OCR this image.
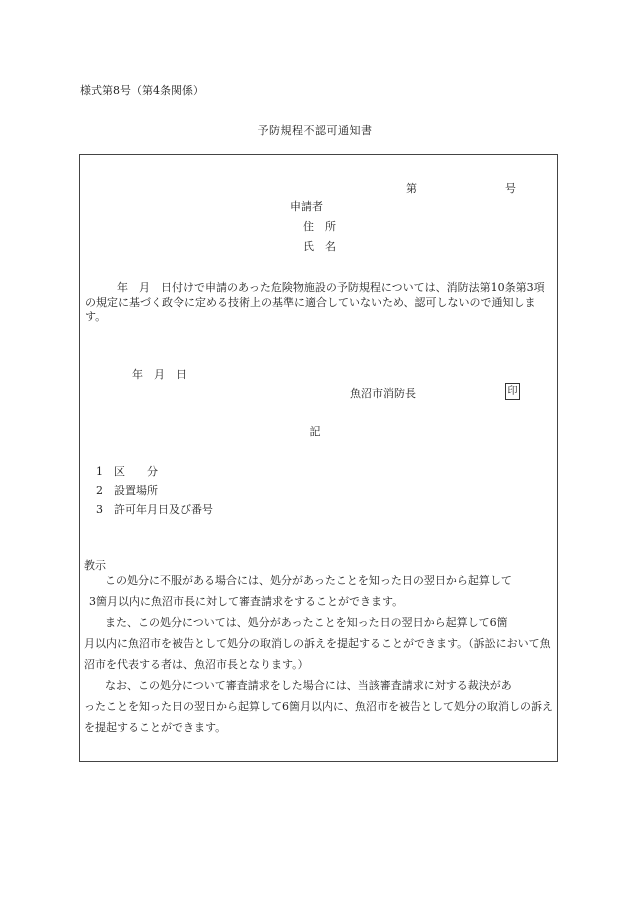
様式第8号（第4条関係）
予防規程不認可通知書
第	号
申請者
住　所
氏　名
年　月　日付けで申請のあった危険物施設の予防規程については、消防法第10条第3項の規定に基づく政令に定める技術上の基準に適合していないため、認可しないので通知します。
年　月　日
魚沼市消防長	印
記
1　区　　分
2　設置場所
3　許可年月日及び番号
教示
この処分に不服がある場合には、処分があったことを知った日の翌日から起算して
3箇月以内に魚沼市長に対して審査請求をすることができます。
また、この処分については、処分があったことを知った日の翌日から起算して6箇
月以内に魚沼市を被告として処分の取消しの訴えを提起することができます。（訴訟において魚沼市を代表する者は、魚沼市長となります。）
なお、この処分について審査請求をした場合には、当該審査請求に対する裁決があ
ったことを知った日の翌日から起算して6箇月以内に、魚沼市を被告として処分の取消しの訴えを提起することができます。
